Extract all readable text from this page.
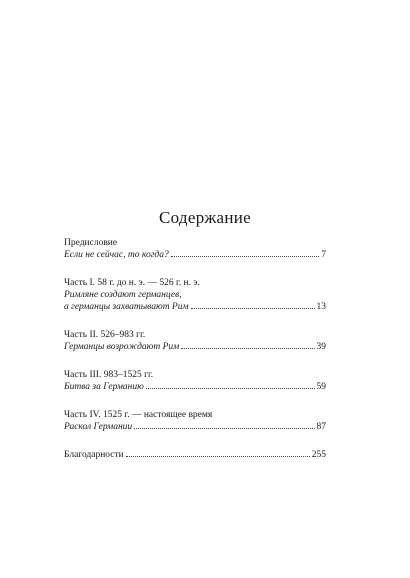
Содержание
Предисловие
Если не сейчас, то когда?	7
Часть I. 58 г. до н. э. — 526 г. н. э.
Римляне создают германцев,
а германцы захватывают Рим	13
Часть II. 526–983 гг.
Германцы возрождают Рим	39
Часть III. 983–1525 гг.
Битва за Германию	59
Часть IV. 1525 г. — настоящее время
Раскол Германии	87
Благодарности	255
